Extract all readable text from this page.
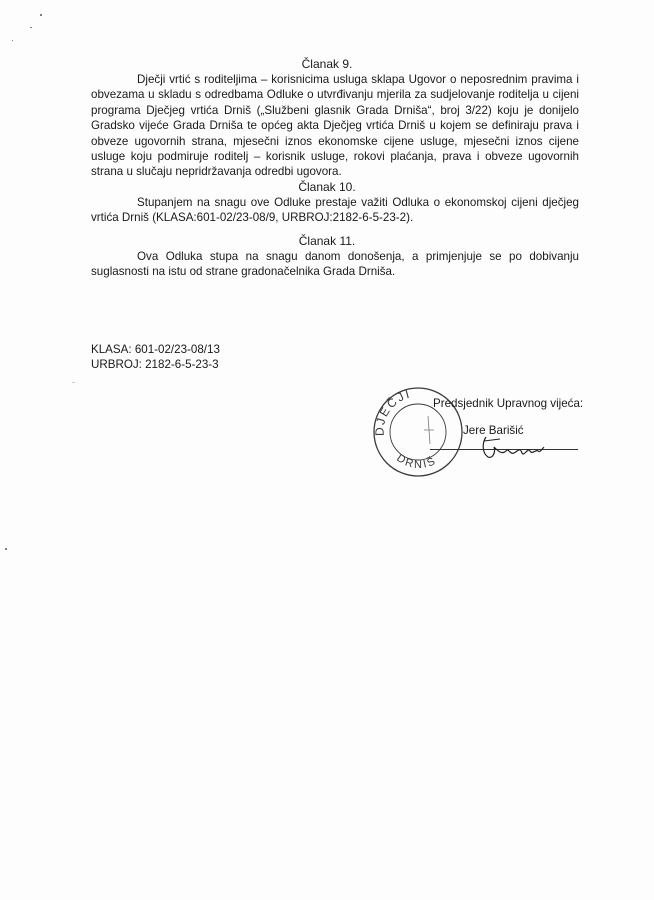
Članak 9.
Dječji vrtić s roditeljima – korisnicima usluga sklapa Ugovor o neposrednim pravima i obvezama u skladu s odredbama Odluke o utvrđivanju mjerila za sudjelovanje roditelja u cijeni programa Dječjeg vrtića Drniš („Službeni glasnik Grada Drniša“, broj 3/22) koju je donijelo Gradsko vijeće Grada Drniša te općeg akta Dječjeg vrtića Drniš u kojem se definiraju prava i obveze ugovornih strana, mjesečni iznos ekonomske cijene usluge, mjesečni iznos cijene usluge koju podmiruje roditelj – korisnik usluge, rokovi plaćanja, prava i obveze ugovornih strana u slučaju nepridržavanja odredbi ugovora.
Članak 10.
Stupanjem na snagu ove Odluke prestaje važiti Odluka o ekonomskoj cijeni dječjeg vrtića Drniš (KLASA:601-02/23-08/9, URBROJ:2182-6-5-23-2).
Članak 11.
Ova Odluka stupa na snagu danom donošenja, a primjenjuje se po dobivanju suglasnosti na istu od strane gradonačelnika Grada Drniša.
KLASA: 601-02/23-08/13
URBROJ: 2182-6-5-23-3
DJEČJI
DRNIŠ
Predsjednik Upravnog vijeća:
Jere Barišić
